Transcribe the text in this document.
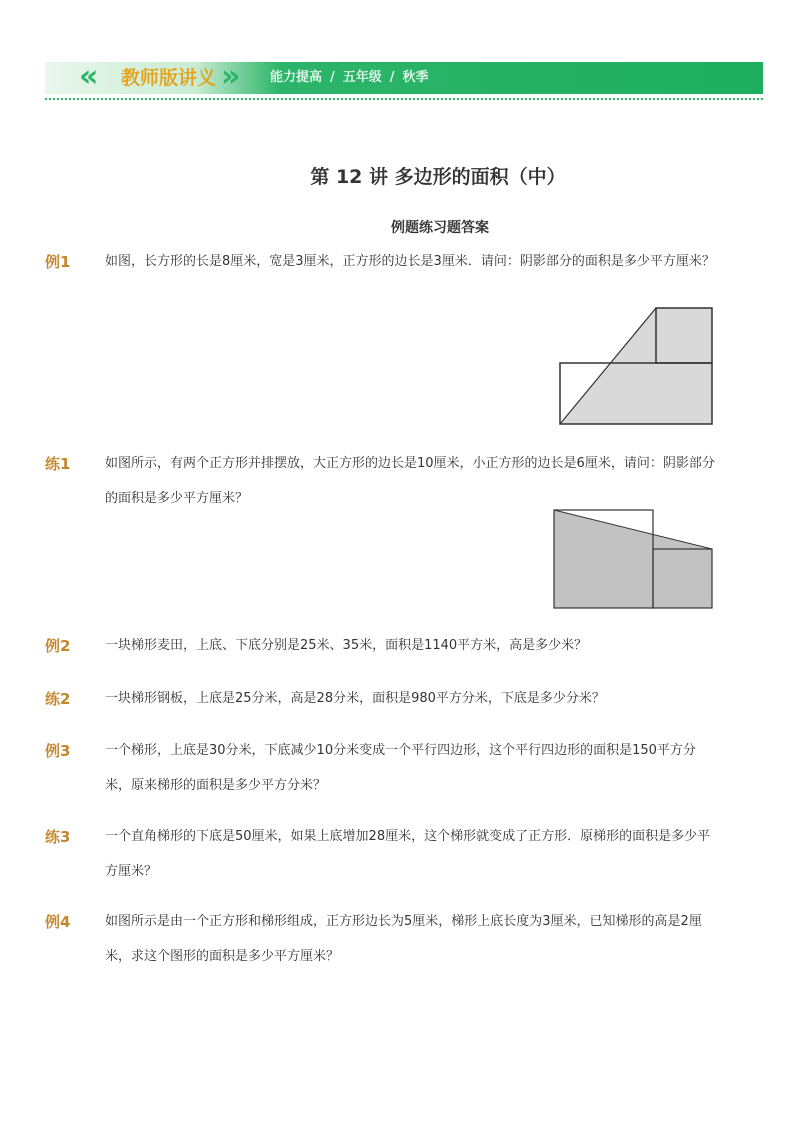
« 教师版讲义 »	能力提高 / 五年级 / 秋季
第 12 讲 多边形的面积（中）
例题练习题答案
例1	如图，长方形的长是8厘米，宽是3厘米，正方形的边长是3厘米．请问：阴影部分的面积是多少平方厘米？
练1	如图所示，有两个正方形并排摆放，大正方形的边长是10厘米，小正方形的边长是6厘米，请问：阴影部分的面积是多少平方厘米？
例2	一块梯形麦田，上底、下底分别是25米、35米，面积是1140平方米，高是多少米？
练2	一块梯形钢板，上底是25分米，高是28分米，面积是980平方分米，下底是多少分米？
例3	一个梯形，上底是30分米，下底减少10分米变成一个平行四边形，这个平行四边形的面积是150平方分米，原来梯形的面积是多少平方分米？
练3	一个直角梯形的下底是50厘米，如果上底增加28厘米，这个梯形就变成了正方形．原梯形的面积是多少平方厘米？
例4	如图所示是由一个正方形和梯形组成，正方形边长为5厘米，梯形上底长度为3厘米，已知梯形的高是2厘米，求这个图形的面积是多少平方厘米？
